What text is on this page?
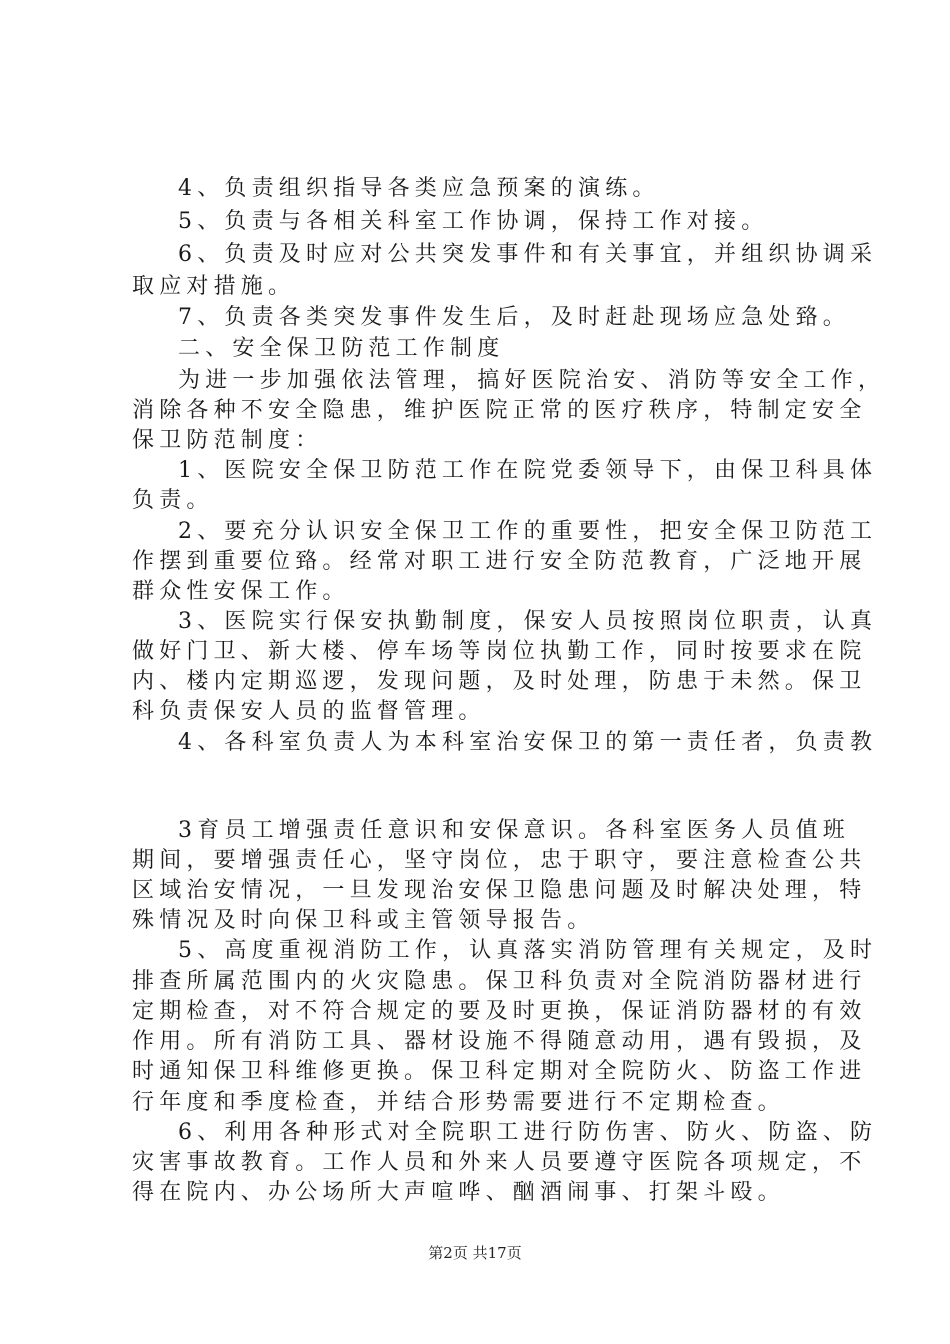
4、负责组织指导各类应急预案的演练。
5、负责与各相关科室工作协调，保持工作对接。
6、负责及时应对公共突发事件和有关事宜，并组织协调采
取应对措施。
7、负责各类突发事件发生后，及时赶赴现场应急处臵。
二、安全保卫防范工作制度
为进一步加强依法管理，搞好医院治安、消防等安全工作，
消除各种不安全隐患，维护医院正常的医疗秩序，特制定安全
保卫防范制度：
1、医院安全保卫防范工作在院党委领导下，由保卫科具体
负责。
2、要充分认识安全保卫工作的重要性，把安全保卫防范工
作摆到重要位臵。经常对职工进行安全防范教育，广泛地开展
群众性安保工作。
3、医院实行保安执勤制度，保安人员按照岗位职责，认真
做好门卫、新大楼、停车场等岗位执勤工作，同时按要求在院
内、楼内定期巡逻，发现问题，及时处理，防患于未然。保卫
科负责保安人员的监督管理。
4、各科室负责人为本科室治安保卫的第一责任者，负责教
3育员工增强责任意识和安保意识。各科室医务人员值班
期间，要增强责任心，坚守岗位，忠于职守，要注意检查公共
区域治安情况，一旦发现治安保卫隐患问题及时解决处理，特
殊情况及时向保卫科或主管领导报告。
5、高度重视消防工作，认真落实消防管理有关规定，及时
排查所属范围内的火灾隐患。保卫科负责对全院消防器材进行
定期检查，对不符合规定的要及时更换，保证消防器材的有效
作用。所有消防工具、器材设施不得随意动用，遇有毁损，及
时通知保卫科维修更换。保卫科定期对全院防火、防盗工作进
行年度和季度检查，并结合形势需要进行不定期检查。
6、利用各种形式对全院职工进行防伤害、防火、防盗、防
灾害事故教育。工作人员和外来人员要遵守医院各项规定，不
得在院内、办公场所大声喧哗、酗酒闹事、打架斗殴。
第2页 共17页
